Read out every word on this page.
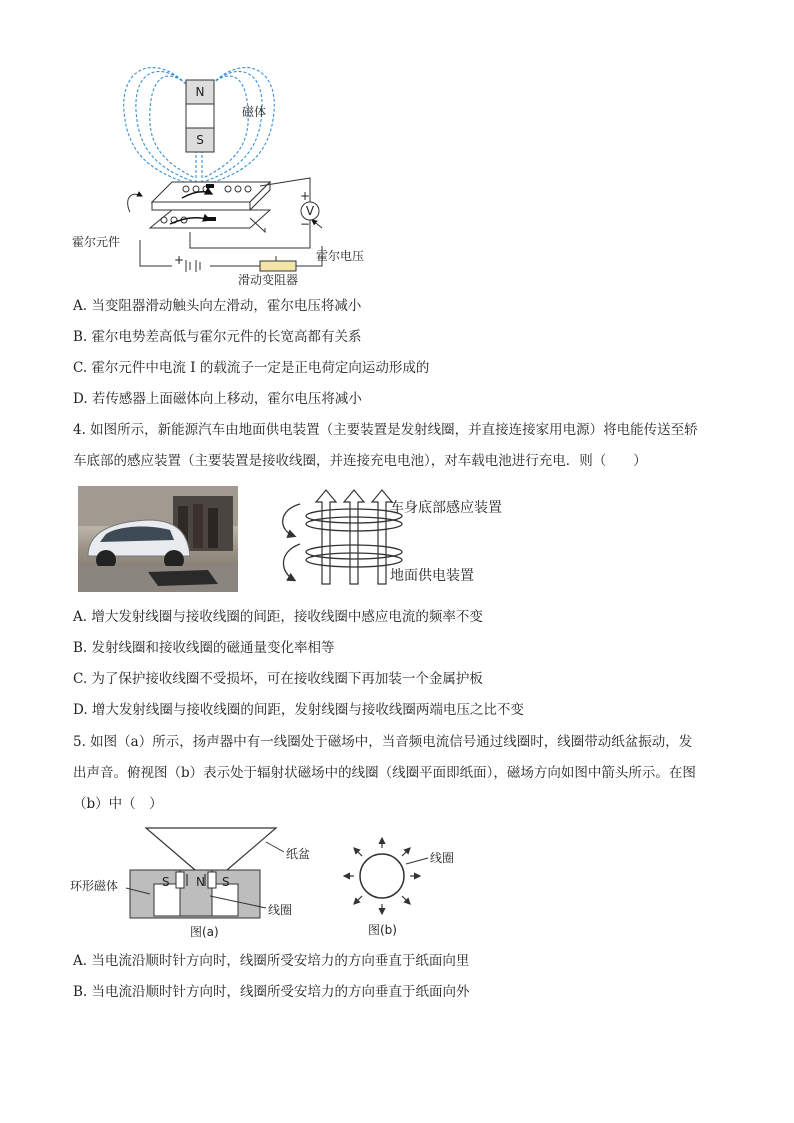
N
S
磁体
V
+
−
+
霍尔元件
霍尔电压
滑动变阻器
A. 当变阻器滑动触头向左滑动，霍尔电压将减小
B. 霍尔电势差高低与霍尔元件的长宽高都有关系
C. 霍尔元件中电流 I 的载流子一定是正电荷定向运动形成的
D. 若传感器上面磁体向上移动，霍尔电压将减小
4. 如图所示，新能源汽车由地面供电装置（主要装置是发射线圈，并直接连接家用电源）将电能传送至轿
车底部的感应装置（主要装置是接收线圈，并连接充电电池），对车载电池进行充电．则（　　）
车身底部感应装置
地面供电装置
A. 增大发射线圈与接收线圈的间距，接收线圈中感应电流的频率不变
B. 发射线圈和接收线圈的磁通量变化率相等
C. 为了保护接收线圈不受损坏，可在接收线圈下再加装一个金属护板
D. 增大发射线圈与接收线圈的间距，发射线圈与接收线圈两端电压之比不变
5. 如图（a）所示，扬声器中有一线圈处于磁场中，当音频电流信号通过线圈时，线圈带动纸盆振动，发
出声音。俯视图（b）表示处于辐射状磁场中的线圈（线圈平面即纸面），磁场方向如图中箭头所示。在图
（b）中（　）
S N S
纸盆
环形磁体
线圈
图(a)
线圈
图(b)
A. 当电流沿顺时针方向时，线圈所受安培力的方向垂直于纸面向里
B. 当电流沿顺时针方向时，线圈所受安培力的方向垂直于纸面向外
